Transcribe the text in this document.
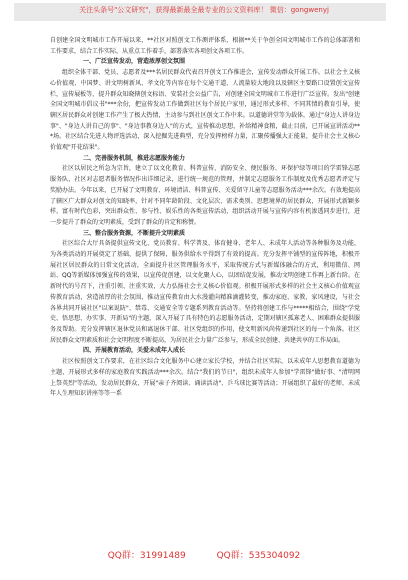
关注头条号"公文研究"，获得最新最全最专业的公文资料库！ 微信：gongwenyj

自创建全国文明城市工作开展以来，**社区对照创文工作测评体系，根据**关于争创全国文明城市工作的总体部署和工作要求，结合工作实际，从重点工作着手，部署落实各项创文各项工作。

一、广泛宣传发动，营造浓厚创文氛围

组织全体干部、党员、志愿者及***名居民群众代表召开创文工作推进会，宣传发动群众开展工作。以社会主义核心价值观、中国梦、讲文明树新风、孝文化等内容在每个交通干道、人流量较大地段以及辖区主要路口设置创文宣传栏，宣传展板等，提升群众知晓辖创文标语、安装社会公益广告，对创建全国文明城市工作进行广泛宣传。发出"创建全国文明城市倡议书"***余份，把宣传发动工作做到社区每个居民户家里，通过形式多样、不同其情的教育引导，使辖区居民群众对创建工作产生了极大热情，主动参与到社区创文工作中来。以道德讲堂等为载体，通过"身边人讲身边事"、"身边人讲自己的事"、"身边事教身边人"的方式，宣传推动思想，补给精神食粮，截止目前，已开展宣讲活动***场。社区结合先进人物评选活动，深入挖掘先进典型，充分发挥榜样力量，汇聚传播强大正能量，提升社会主义核心价值观"开花结果"。

二、完善服务机制，推进志愿服务能力

社区以居民之所急为宗旨，建立了以文化教育、科普宣传、消防安全、便民服务、环保护绿等项目的学雷锋志愿服务队，社区对志愿者服务情况作出详细记录，进行统一规范的管理，并制定志愿服务工作制度及优秀志愿者评定与奖励办法。今年以来，已开展了文明教育、环境清洁、科普宣传、关爱留守儿童等志愿服务活动***余次。有效地提高了辖区广大群众对创文的知晓率，针对不同年龄阶段、文化层次、需求类别、思想境界的居民群众，开展形式新颖多样，富有时代色彩，突出群众性、参与性、娱乐性的各类宣传活动，组织活动开展与宣传内容有机渗透同步进行，进一步提升了群众的文明素质，受到了群众的肯定和称赞。

三、整合服务资源，不断提升文明素质

社区综合大厅具备提供宣传文化、党员教育、科学普及、体育健身、老年人、未成年人活动等各种服务及功能，为各类活动的开展奠定了基础，提供了保障，服务供给水平得到了有效的提高。充分发挥平铺型的宣传阵地，积极开展社区居民群众的日常文化活动，全面提升社区管理服务水平，采取传统方式与新媒体融合的方式，利用微信、网站、QQ等新媒体加强宣传的效果，以宣传促创建，以文化聚人心，以团结促发展，推动文明创建工作再上新台阶。在新时代的号召下，注重引领、注重实效，大力弘扬社会主义核心价值观。积极开展形式多样的社会主义核心价值观宣传教育活动，营造浓厚的社会氛围，推动宣传教育由大水漫灌向精准滴灌转变，推动家庭、家教、家风建设，与社会各界共同开展社区"以案说防"、禁毒、交通安全等专题系列教育活动等。坚持将创建工作与*****相结合，围绕"学党史、悟思想、办实事、开新局"的主题，深入开展了具有特色的志愿服务活动，定期对辖区孤寡老人、困难群众提供服务及帮助。充分发挥辖区退休党员和离退休干部、社区党组织的作用，使文明新风尚传递到社区的每一个角落。社区居民群众文明素质和社会文明程度不断提高，为居民社会力量广泛参与，形成全民创建、共建共享的工作局面。

四、开展教育活动，关爱未成年人成长

社区按照创文工作要求，在社区综合文化服务中心建立家长学校，并结合社区实际，以未成年人思想教育道德为主题，开展形式多样的家庭教育实践活动***余次。结合"我们的节日"，组织未成年人参加"学雷锋"做好事、"清明网上祭英烈"等活动，发动居民群众，开展"亲子齐阅读、诵读活动"、乒乓球比赛等活动；开展组织了最好的老师、未成年人生理知识讲座等等一系

QQ群：31991489	QQ群：535304092
